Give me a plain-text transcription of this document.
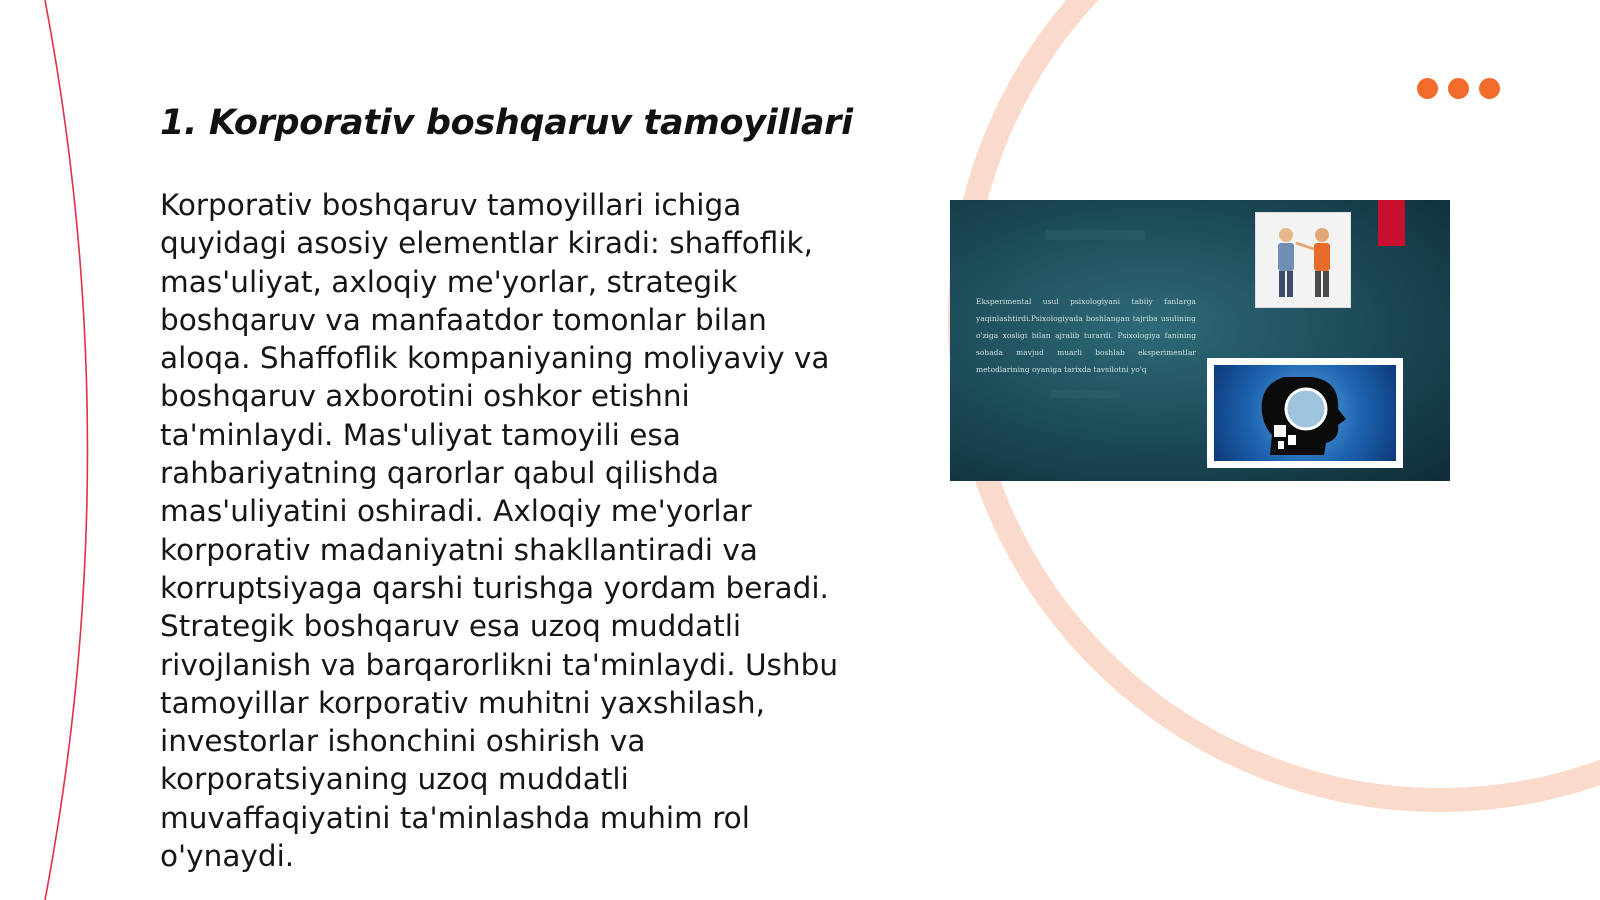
1. Korporativ boshqaruv tamoyillari

Korporativ boshqaruv tamoyillari ichiga quyidagi asosiy elementlar kiradi: shaffoflik, mas'uliyat, axloqiy me'yorlar, strategik boshqaruv va manfaatdor tomonlar bilan aloqa. Shaffoflik kompaniyaning moliyaviy va boshqaruv axborotini oshkor etishni ta'minlaydi. Mas'uliyat tamoyili esa rahbariyatning qarorlar qabul qilishda mas'uliyatini oshiradi. Axloqiy me'yorlar korporativ madaniyatni shakllantiradi va korruptsiyaga qarshi turishga yordam beradi. Strategik boshqaruv esa uzoq muddatli rivojlanish va barqarorlikni ta'minlaydi. Ushbu tamoyillar korporativ muhitni yaxshilash, investorlar ishonchini oshirish va korporatsiyaning uzoq muddatli muvaffaqiyatini ta'minlashda muhim rol o'ynaydi.

Eksperimental usul psixologiyani tabiiy fanlarga yaqinlashtirdi.Psixologiyada boshlangan tajriba usulining o'ziga xosligi bilan ajralib turardi. Psixologiya fanining sohada mavjud muarli boshlab eksperimentlar metodlarining oyaniga tarixda tavsilotni yo'q
